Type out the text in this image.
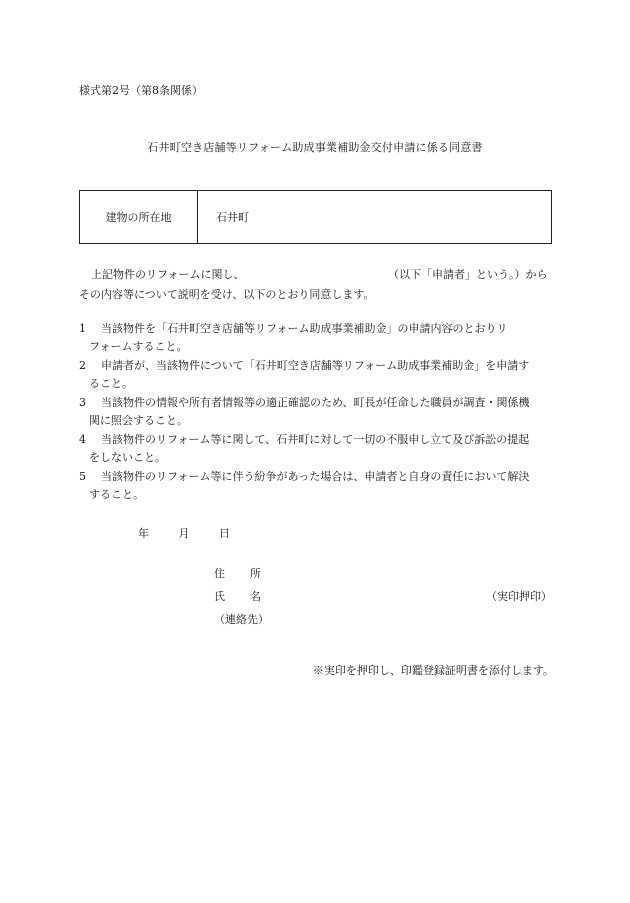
様式第2号（第8条関係）
石井町空き店舗等リフォーム助成事業補助金交付申請に係る同意書
建物の所在地	石井町
上記物件のリフォームに関し、	（以下「申請者」という。）から
その内容等について説明を受け、以下のとおり同意します。
1 当該物件を「石井町空き店舗等リフォーム助成事業補助金」の申請内容のとおりリ
フォームすること。
2 申請者が、当該物件について「石井町空き店舗等リフォーム助成事業補助金」を申請す
ること。
3 当該物件の情報や所有者情報等の適正確認のため、町長が任命した職員が調査・関係機
関に照会すること。
4 当該物件のリフォーム等に関して、石井町に対して一切の不服申し立て及び訴訟の提起
をしないこと。
5 当該物件のリフォーム等に伴う紛争があった場合は、申請者と自身の責任において解決
すること。
年	月	日
住 所
氏 名	（実印押印）
（連絡先）
※実印を押印し、印鑑登録証明書を添付します。
